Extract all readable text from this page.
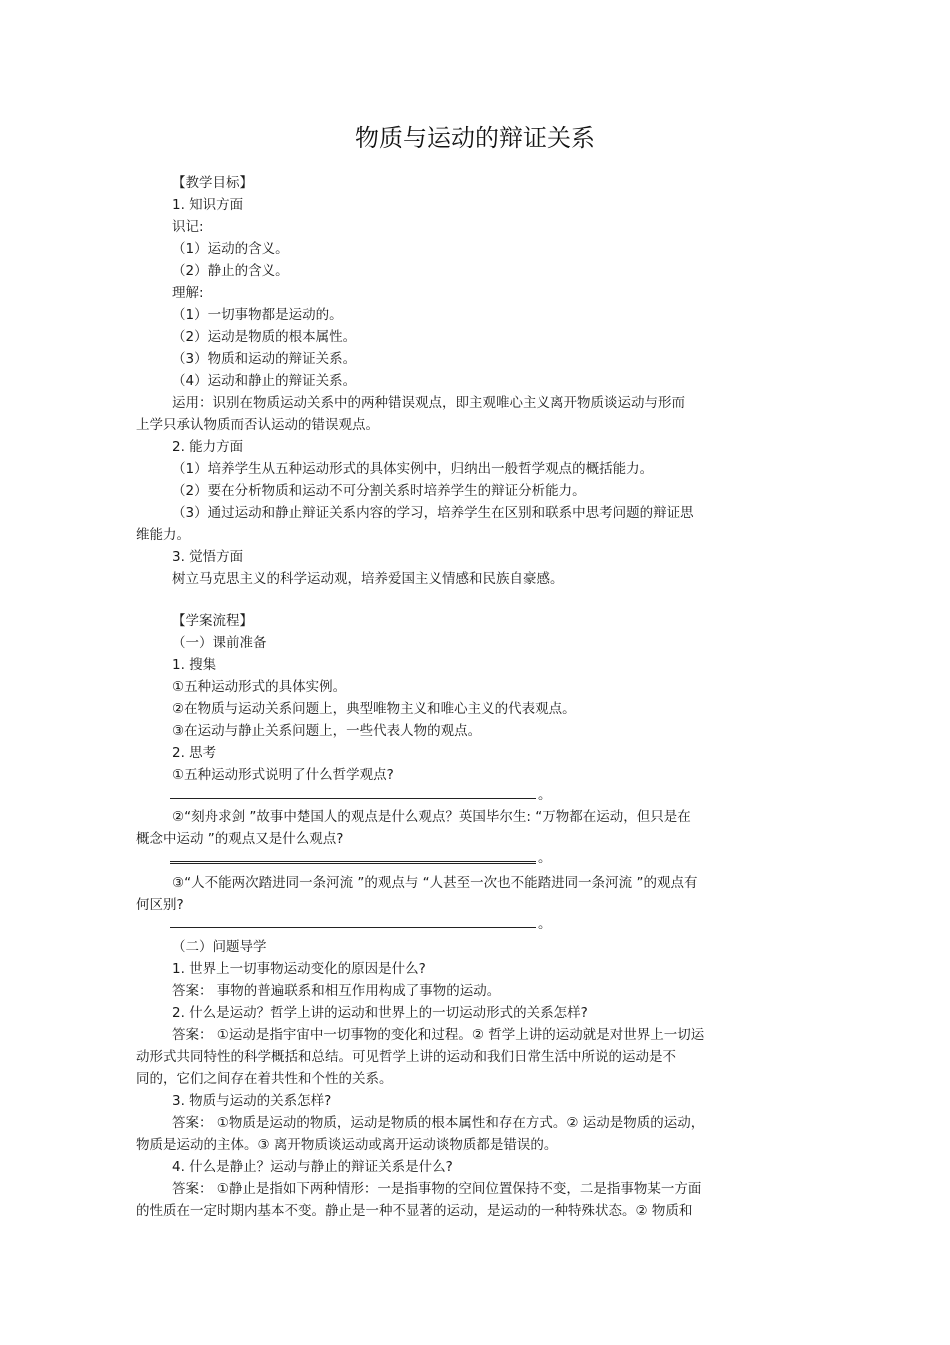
物质与运动的辩证关系
【教学目标】
1. 知识方面
识记:
（1）运动的含义。
（2）静止的含义。
理解:
（1）一切事物都是运动的。
（2）运动是物质的根本属性。
（3）物质和运动的辩证关系。
（4）运动和静止的辩证关系。
运用：识别在物质运动关系中的两种错误观点，即主观唯心主义离开物质谈运动与形而
上学只承认物质而否认运动的错误观点。
2. 能力方面
（1）培养学生从五种运动形式的具体实例中，归纳出一般哲学观点的概括能力。
（2）要在分析物质和运动不可分割关系时培养学生的辩证分析能力。
（3）通过运动和静止辩证关系内容的学习，培养学生在区别和联系中思考问题的辩证思
维能力。
3. 觉悟方面
树立马克思主义的科学运动观，培养爱国主义情感和民族自豪感。
【学案流程】
（一）课前准备
1. 搜集
①五种运动形式的具体实例。
②在物质与运动关系问题上，典型唯物主义和唯心主义的代表观点。
③在运动与静止关系问题上，一些代表人物的观点。
2. 思考
①五种运动形式说明了什么哲学观点?
②“刻舟求剑 ”故事中楚国人的观点是什么观点？英国毕尔生: “万物都在运动，但只是在
概念中运动 ”的观点又是什么观点?
③“人不能两次踏进同一条河流 ”的观点与 “人甚至一次也不能踏进同一条河流 ”的观点有
何区别?
（二）问题导学
1. 世界上一切事物运动变化的原因是什么?
答案： 事物的普遍联系和相互作用构成了事物的运动。
2. 什么是运动？哲学上讲的运动和世界上的一切运动形式的关系怎样?
答案： ①运动是指宇宙中一切事物的变化和过程。② 哲学上讲的运动就是对世界上一切运
动形式共同特性的科学概括和总结。可见哲学上讲的运动和我们日常生活中所说的运动是不
同的，它们之间存在着共性和个性的关系。
3. 物质与运动的关系怎样?
答案： ①物质是运动的物质，运动是物质的根本属性和存在方式。② 运动是物质的运动，
物质是运动的主体。③ 离开物质谈运动或离开运动谈物质都是错误的。
4. 什么是静止？运动与静止的辩证关系是什么?
答案： ①静止是指如下两种情形：一是指事物的空间位置保持不变，二是指事物某一方面
的性质在一定时期内基本不变。静止是一种不显著的运动，是运动的一种特殊状态。② 物质和
。
。
。
